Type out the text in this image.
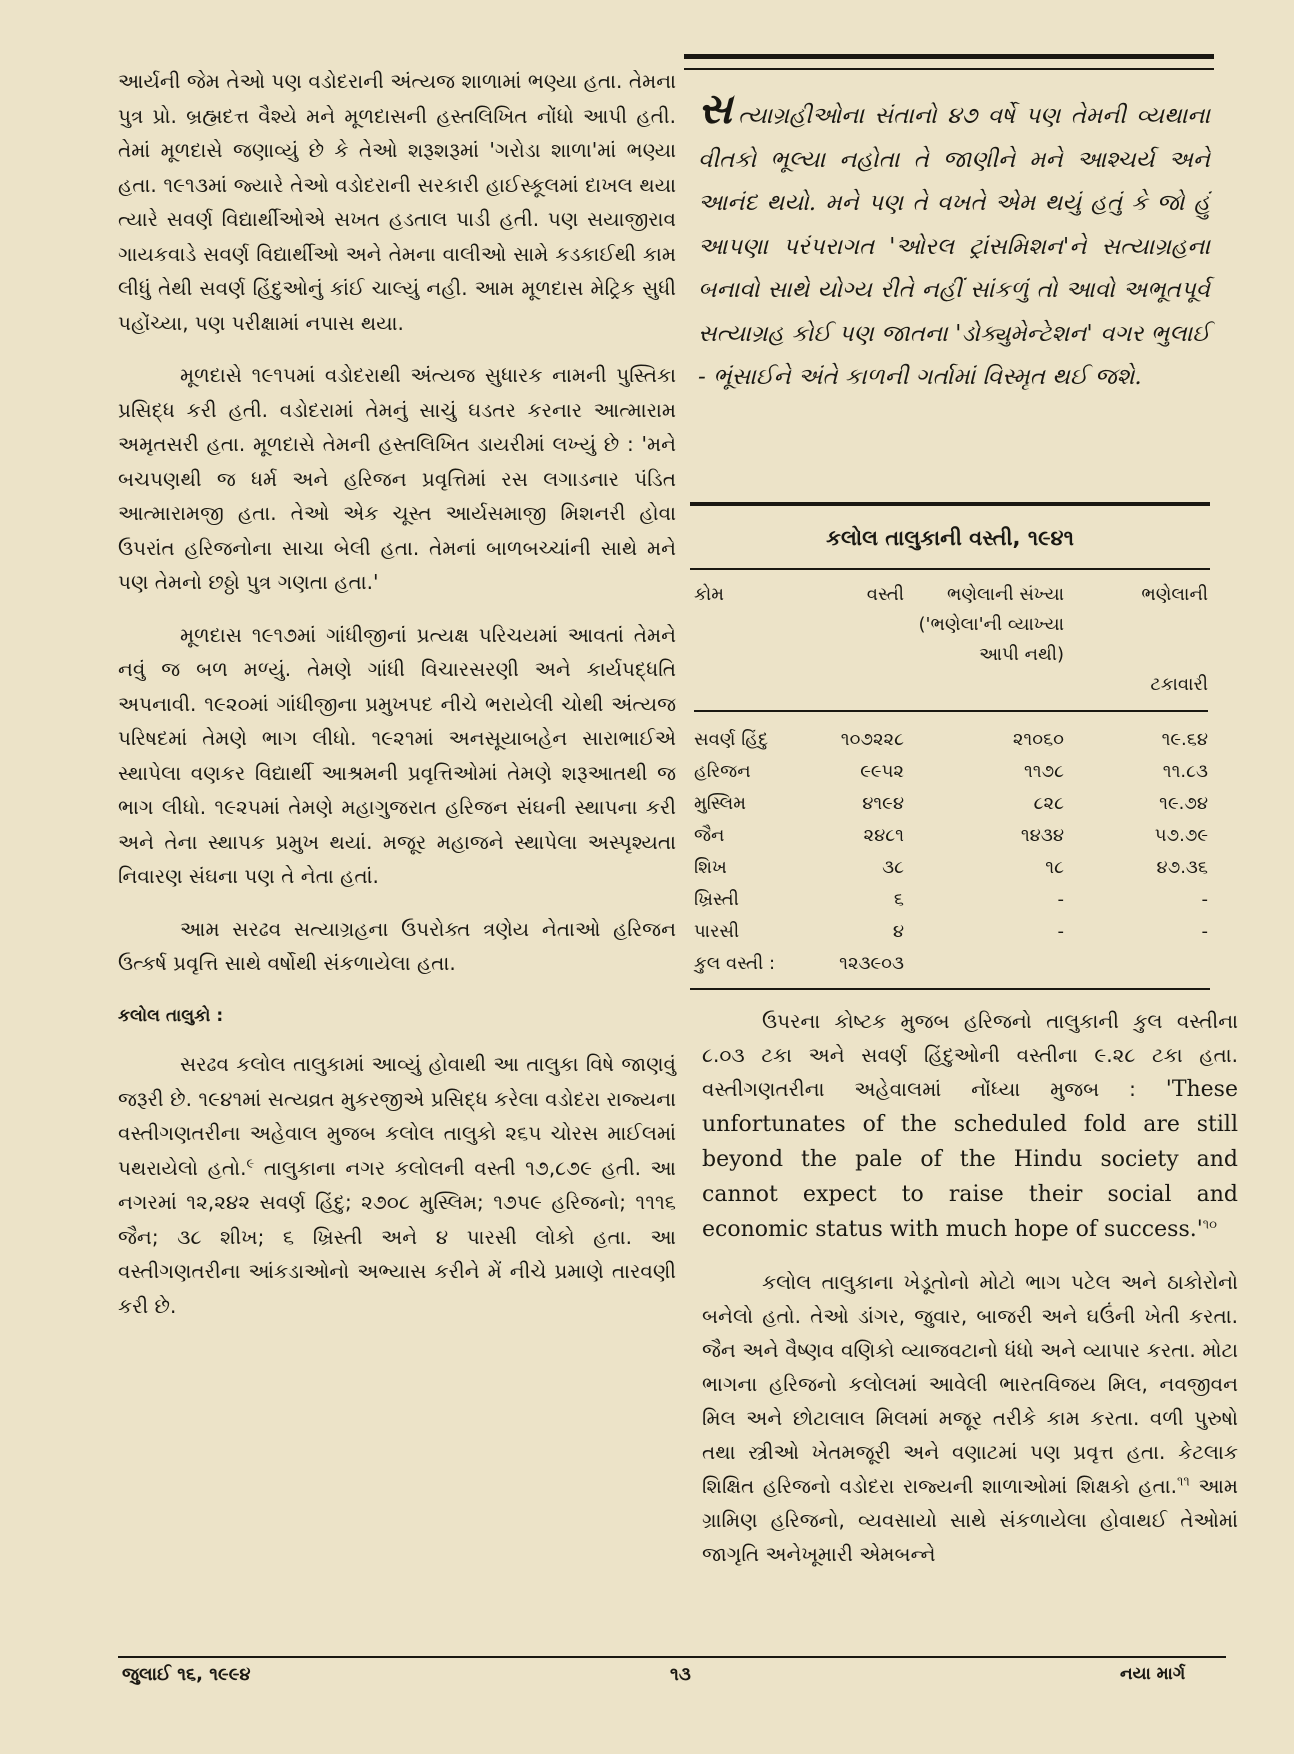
આર્યની જેમ તેઓ પણ વડોદરાની અંત્યજ શાળામાં ભણ્યા હતા. તેમના પુત્ર પ્રો. બ્રહ્મદત્ત વૈશ્યે મને મૂળદાસની હસ્તલિખિત નોંધો આપી હતી. તેમાં મૂળદાસે જણાવ્યું છે કે તેઓ શરૂશરૂમાં 'ગરોડા શાળા'માં ભણ્યા હતા. ૧૯૧૩માં જ્યારે તેઓ વડોદરાની સરકારી હાઈસ્કૂલમાં દાખલ થયા ત્યારે સવર્ણ વિદ્યાર્થીઓએ સખત હડતાલ પાડી હતી. પણ સયાજીરાવ ગાયકવાડે સવર્ણ વિદ્યાર્થીઓ અને તેમના વાલીઓ સામે કડકાઈથી કામ લીધું તેથી સવર્ણ હિંદુઓનું કાંઈ ચાલ્યું નહી. આમ મૂળદાસ મેટ્રિક સુધી પહોંચ્યા, પણ પરીક્ષામાં નપાસ થયા.

મૂળદાસે ૧૯૧૫માં વડોદરાથી અંત્યજ સુધારક નામની પુસ્તિકા પ્રસિદ્ધ કરી હતી. વડોદરામાં તેમનું સાચું ઘડતર કરનાર આત્મારામ અમૃતસરી હતા. મૂળદાસે તેમની હસ્તલિખિત ડાયરીમાં લખ્યું છે : 'મને બચપણથી જ ધર્મ અને હરિજન પ્રવૃત્તિમાં રસ લગાડનાર પંડિત આત્મારામજી હતા. તેઓ એક ચૂસ્ત આર્યસમાજી મિશનરી હોવા ઉપરાંત હરિજનોના સાચા બેલી હતા. તેમનાં બાળબચ્ચાંની સાથે મને પણ તેમનો છઠ્ઠો પુત્ર ગણતા હતા.'

મૂળદાસ ૧૯૧૭માં ગાંધીજીનાં પ્રત્યક્ષ પરિચયમાં આવતાં તેમને નવું જ બળ મળ્યું. તેમણે ગાંધી વિચારસરણી અને કાર્યપદ્ધતિ અપનાવી. ૧૯૨૦માં ગાંધીજીના પ્રમુખપદ નીચે ભરાયેલી ચોથી અંત્યજ પરિષદમાં તેમણે ભાગ લીધો. ૧૯૨૧માં અનસૂયાબહેન સારાભાઈએ સ્થાપેલા વણકર વિદ્યાર્થી આશ્રમની પ્રવૃત્તિઓમાં તેમણે શરૂઆતથી જ ભાગ લીધો. ૧૯૨૫માં તેમણે મહાગુજરાત હરિજન સંઘની સ્થાપના કરી અને તેના સ્થાપક પ્રમુખ થયાં. મજૂર મહાજને સ્થાપેલા અસ્પૃશ્યતા નિવારણ સંઘના પણ તે નેતા હતાં.

આમ સરઢવ સત્યાગ્રહના ઉપરોક્ત ત્રણેય નેતાઓ હરિજન ઉત્કર્ષ પ્રવૃત્તિ સાથે વર્ષોથી સંકળાયેલા હતા.

કલોલ તાલુકો :

સરઢવ કલોલ તાલુકામાં આવ્યું હોવાથી આ તાલુકા વિષે જાણવું જરૂરી છે. ૧૯૪૧માં સત્યવ્રત મુકરજીએ પ્રસિદ્ધ કરેલા વડોદરા રાજ્યના વસ્તીગણતરીના અહેવાલ મુજબ કલોલ તાલુકો ૨૬૫ ચોરસ માઈલમાં પથરાયેલો હતો.$^૯$ તાલુકાના નગર કલોલની વસ્તી ૧૭,૮૭૯ હતી. આ નગરમાં ૧૨,૨૪૨ સવર્ણ હિંદુ; ૨૭૦૮ મુસ્લિમ; ૧૭૫૯ હરિજનો; ૧૧૧૬ જૈન; ૩૮ શીખ; ૬ ખ્રિસ્તી અને ૪ પારસી લોકો હતા. આ વસ્તીગણતરીના આંકડાઓનો અભ્યાસ કરીને મેં નીચે પ્રમાણે તારવણી કરી છે.

સત્યાગ્રહીઓના સંતાનો ૪૭ વર્ષે પણ તેમની વ્યથાના વીતકો ભૂલ્યા નહોતા તે જાણીને મને આશ્ચર્ય અને આનંદ થયો. મને પણ તે વખતે એમ થયું હતું કે જો હું આપણા પરંપરાગત 'ઓરલ ટ્રાંસમિશન'ને સત્યાગ્રહના બનાવો સાથે યોગ્ય રીતે નહીં સાંકળું તો આવો અભૂતપૂર્વ સત્યાગ્રહ કોઈ પણ જાતના 'ડોક્યુમેન્ટેશન' વગર ભુલાઈ - ભૂંસાઈને અંતે કાળની ગર્તામાં વિસ્મૃત થઈ જશે.
કલોલ તાલુકાની વસ્તી, ૧૯૪૧
કોમ	વસ્તી	ભણેલાની સંખ્યા ('ભણેલા'ની વ્યાખ્યા આપી નથી)	ભણેલાની
ટકાવારી

સવર્ણ હિંદુ	૧૦૭૨૨૮	૨૧૦૬૦	૧૯.૬૪
હરિજન	૯૯૫૨	૧૧૭૮	૧૧.૮૩
મુસ્લિમ	૪૧૯૪	૮૨૮	૧૯.૭૪
જૈન	૨૪૮૧	૧૪૩૪	૫૭.૭૯
શિખ	૩૮	૧૮	૪૭.૩૬
ખ્રિસ્તી	૬	-	-
પારસી	૪	-	-
કુલ વસ્તી :	૧૨૩૯૦૩		

ઉપરના કોષ્ટક મુજબ હરિજનો તાલુકાની કુલ વસ્તીના ૮.૦૩ ટકા અને સવર્ણ હિંદુઓની વસ્તીના ૯.૨૮ ટકા હતા. વસ્તીગણતરીના અહેવાલમાં નોંધ્યા મુજબ : 'These unfortunates of the scheduled fold are still beyond the pale of the Hindu society and cannot expect to raise their social and economic status with much hope of success.'$^{૧૦}$

કલોલ તાલુકાના ખેડૂતોનો મોટો ભાગ પટેલ અને ઠાકોરોનો બનેલો હતો. તેઓ ડાંગર, જુવાર, બાજરી અને ઘઉંની ખેતી કરતા. જૈન અને વૈષ્ણવ વણિકો વ્યાજવટાનો ધંધો અને વ્યાપાર કરતા. મોટા ભાગના હરિજનો કલોલમાં આવેલી ભારતવિજય મિલ, નવજીવન મિલ અને છોટાલાલ મિલમાં મજૂર તરીકે કામ કરતા. વળી પુરુષો તથા સ્ત્રીઓ ખેતમજૂરી અને વણાટમાં પણ પ્રવૃત્ત હતા. કેટલાક શિક્ષિત હરિજનો વડોદરા રાજ્યની શાળાઓમાં શિક્ષકો હતા.$^{૧૧}$ આમ ગ્રામિણ હરિજનો, વ્યવસાયો સાથે સંકળાયેલા હોવાથઈ તેઓમાં જાગૃતિ અનેખૂમારી એમબન્ને

જુલાઈ ૧૬, ૧૯૯૪	૧૩	નયા માર્ગ
